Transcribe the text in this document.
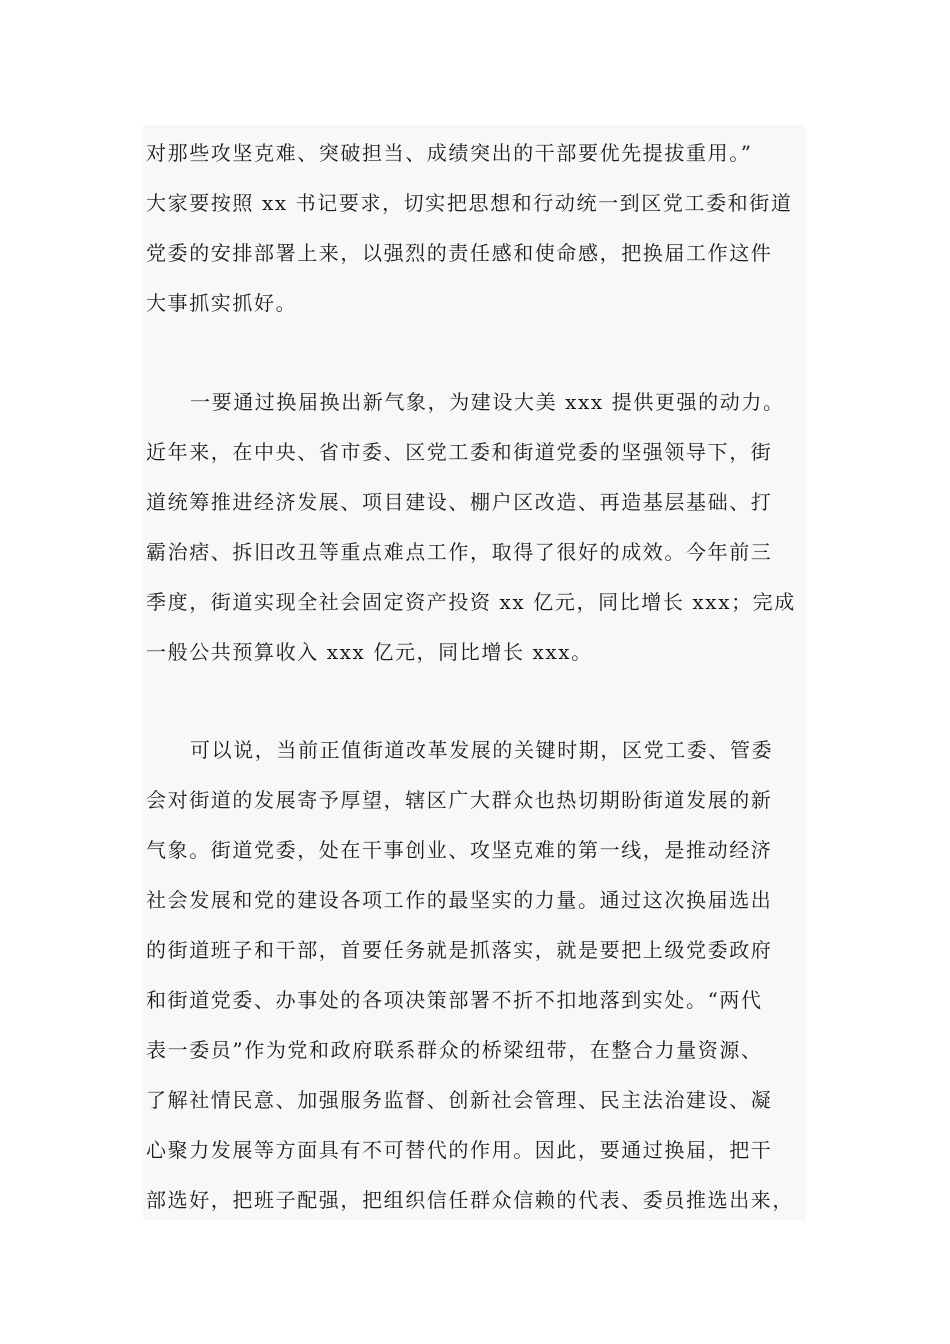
对那些攻坚克难、突破担当、成绩突出的干部要优先提拔重用。”
大家要按照 xx 书记要求，切实把思想和行动统一到区党工委和街道
党委的安排部署上来，以强烈的责任感和使命感，把换届工作这件
大事抓实抓好。
一要通过换届换出新气象，为建设大美 xxx 提供更强的动力。
近年来，在中央、省市委、区党工委和街道党委的坚强领导下，街
道统筹推进经济发展、项目建设、棚户区改造、再造基层基础、打
霸治痞、拆旧改丑等重点难点工作，取得了很好的成效。今年前三
季度，街道实现全社会固定资产投资 xx 亿元，同比增长 xxx；完成
一般公共预算收入 xxx 亿元，同比增长 xxx。
可以说，当前正值街道改革发展的关键时期，区党工委、管委
会对街道的发展寄予厚望，辖区广大群众也热切期盼街道发展的新
气象。街道党委，处在干事创业、攻坚克难的第一线，是推动经济
社会发展和党的建设各项工作的最坚实的力量。通过这次换届选出
的街道班子和干部，首要任务就是抓落实，就是要把上级党委政府
和街道党委、办事处的各项决策部署不折不扣地落到实处。“两代
表一委员”作为党和政府联系群众的桥梁纽带，在整合力量资源、
了解社情民意、加强服务监督、创新社会管理、民主法治建设、凝
心聚力发展等方面具有不可替代的作用。因此，要通过换届，把干
部选好，把班子配强，把组织信任群众信赖的代表、委员推选出来，
